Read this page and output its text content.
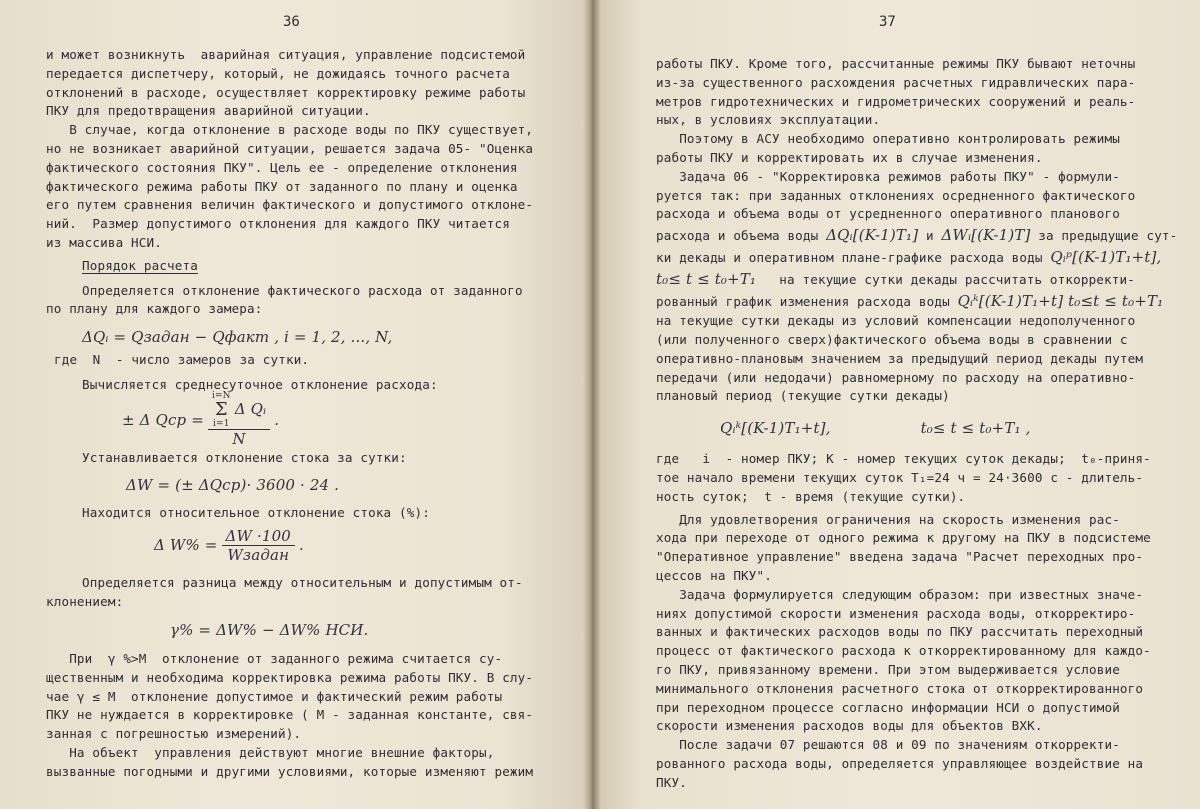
36
и может возникнуть  аварийная ситуация, управление подсистемой
передается диспетчеру, который, не дожидаясь точного расчета
отклонений в расходе, осуществляет корректировку режиме работы
ПКУ для предотвращения аварийной ситуации.
В случае, когда отклонение в расходе воды по ПКУ существует,
но не возникает аварийной ситуации, решается задача 05- "Оценка
фактического состояния ПКУ". Цель ее - определение отклонения
фактического режима работы ПКУ от заданного по плану и оценка
его путем сравнения величин фактического и допустимого отклоне-
ний.  Размер допустимого отклонения для каждого ПКУ читается
из массива НСИ.
Порядок расчета
Определяется отклонение фактического расхода от заданного
по плану для каждого замера:
ΔQᵢ = Qзадан − Qфакт , i = 1, 2, ..., N,
где  N  - число замеров за сутки.
Вычисляется среднесуточное отклонение расхода:
± Δ Qср = i=N
Σ
i=1
Δ Qᵢ
N .
Устанавливается отклонение стока за сутки:
ΔW = (± ΔQср)· 3600 · 24 .
Находится относительное отклонение стока (%):
Δ $W\% = \frac{\Delta W \cdot 100}{\text{Wзадан}}$ .
Определяется разница между относительным и допустимым от-
клонением:
γ% = ΔW% − ΔW% НСИ.
При  γ %>M  отклонение от заданного режима считается су-
щественным и необходима корректировка режима работы ПКУ. В слу-
чае γ ≤ M  отклонение допустимое и фактический режим работы
ПКУ не нуждается в корректировке ( М - заданная константе, свя-
занная с погрешностью измерений).
На объект  управления действуют многие внешние факторы,
вызванные погодными и другими условиями, которые изменяют режим
37
работы ПКУ. Кроме того, рассчитанные режимы ПКУ бывают неточны
из-за существенного расхождения расчетных гидравлических пара-
метров гидротехнических и гидрометрических сооружений и реаль-
ных, в условиях эксплуатации.
Поэтому в АСУ необходимо оперативно контролировать режимы
работы ПКУ и корректировать их в случае изменения.
Задача 06 - "Корректировка режимов работы ПКУ" - формули-
руется так: при заданных отклонениях осредненного фактического
расхода и объема воды от усредненного оперативного планового
расхода и объема воды ΔQᵢ[(K-1)T₁] и ΔWᵢ[(K-1)T] за предыдущие сут-
ки декады и оперативном плане-графике расхода воды Qᵢᵖ[(K-1)T₁+t],
t₀≤ t ≤ t₀+T₁ на текущие сутки декады рассчитать откорректи-
рованный график изменения расхода воды Qᵢᵏ[(K-1)T₁+t] t₀≤t ≤ t₀+T₁
на текущие сутки декады из условий компенсации недополученного
(или полученного сверх)фактического объема воды в сравнении с
оперативно-плановым значением за предыдущий период декады путем
передачи (или недодачи) равномерному по расходу на оперативно-
плановый период (текущие сутки декады)
Qᵢᵏ[(K-1)T₁+t],	t₀≤ t ≤ t₀+T₁ ,
где   i  - номер ПКУ; К - номер текущих суток декады;  t₀-приня-
тое начало времени текущих суток T₁=24 ч = 24·3600 с - длитель-
ность суток;  t - время (текущие сутки).
Для удовлетворения ограничения на скорость изменения рас-
хода при переходе от одного режима к другому на ПКУ в подсистеме
"Оперативное управление" введена задача "Расчет переходных про-
цессов на ПКУ".
Задача формулируется следующим образом: при известных значе-
ниях допустимой скорости изменения расхода воды, откорректиро-
ванных и фактических расходов воды по ПКУ рассчитать переходный
процесс от фактического расхода к откорректированному для каждо-
го ПКУ, привязанному времени. При этом выдерживается условие
минимального отклонения расчетного стока от откорректированного
при переходном процессе согласно информации НСИ о допустимой
скорости изменения расходов воды для объектов ВХК.
После задачи 07 решаются 08 и 09 по значениям откорректи-
рованного расхода воды, определяется управляющее воздействие на
ПКУ.
